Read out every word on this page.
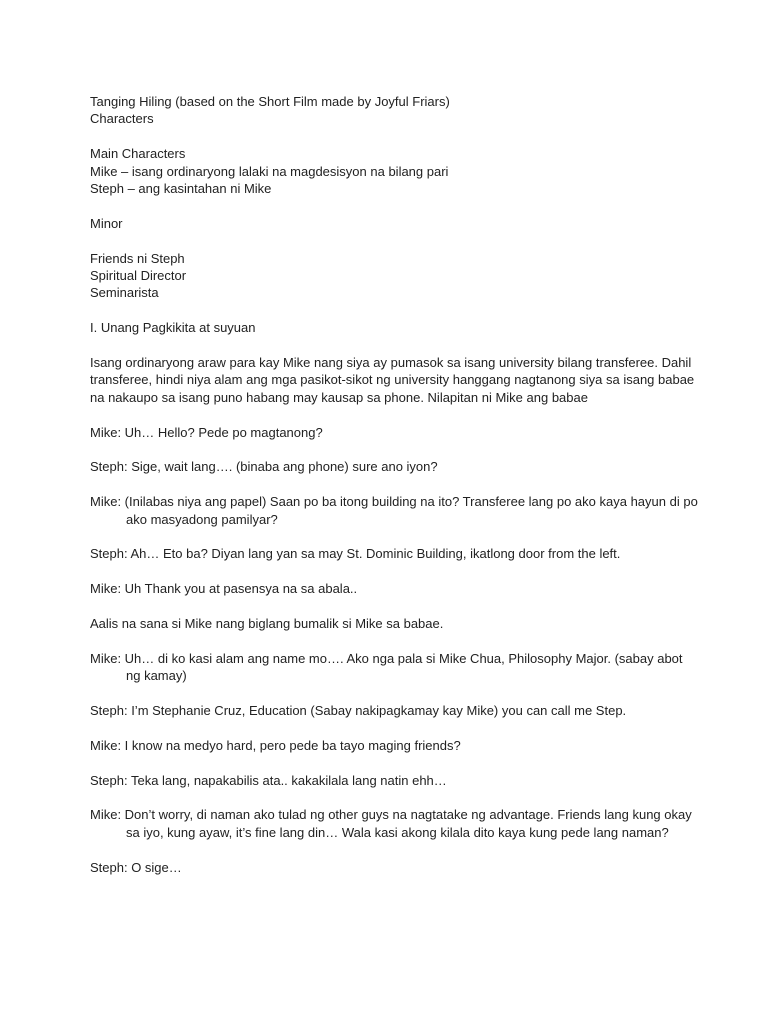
Tanging Hiling (based on the Short Film made by Joyful Friars)
Characters
Main Characters
Mike – isang ordinaryong lalaki na magdesisyon na bilang pari
Steph – ang kasintahan ni Mike
Minor
Friends ni Steph
Spiritual Director
Seminarista
I. Unang Pagkikita at suyuan
Isang ordinaryong araw para kay Mike nang siya ay pumasok sa isang university bilang transferee. Dahil
transferee, hindi niya alam ang mga pasikot-sikot ng university hanggang nagtanong siya sa isang babae
na nakaupo sa isang puno habang may kausap sa phone. Nilapitan ni Mike ang babae
Mike: Uh… Hello? Pede po magtanong?
Steph: Sige, wait lang…. (binaba ang phone) sure ano iyon?
Mike: (Inilabas niya ang papel) Saan po ba itong building na ito? Transferee lang po ako kaya hayun di po
ako masyadong pamilyar?
Steph: Ah… Eto ba? Diyan lang yan sa may St. Dominic Building, ikatlong door from the left.
Mike: Uh Thank you at pasensya na sa abala..
Aalis na sana si Mike nang biglang bumalik si Mike sa babae.
Mike: Uh… di ko kasi alam ang name mo…. Ako nga pala si Mike Chua, Philosophy Major. (sabay abot
ng kamay)
Steph: I’m Stephanie Cruz, Education (Sabay nakipagkamay kay Mike) you can call me Step.
Mike: I know na medyo hard, pero pede ba tayo maging friends?
Steph: Teka lang, napakabilis ata.. kakakilala lang natin ehh…
Mike: Don’t worry, di naman ako tulad ng other guys na nagtatake ng advantage. Friends lang kung okay
sa iyo, kung ayaw, it’s fine lang din… Wala kasi akong kilala dito kaya kung pede lang naman?
Steph: O sige…
